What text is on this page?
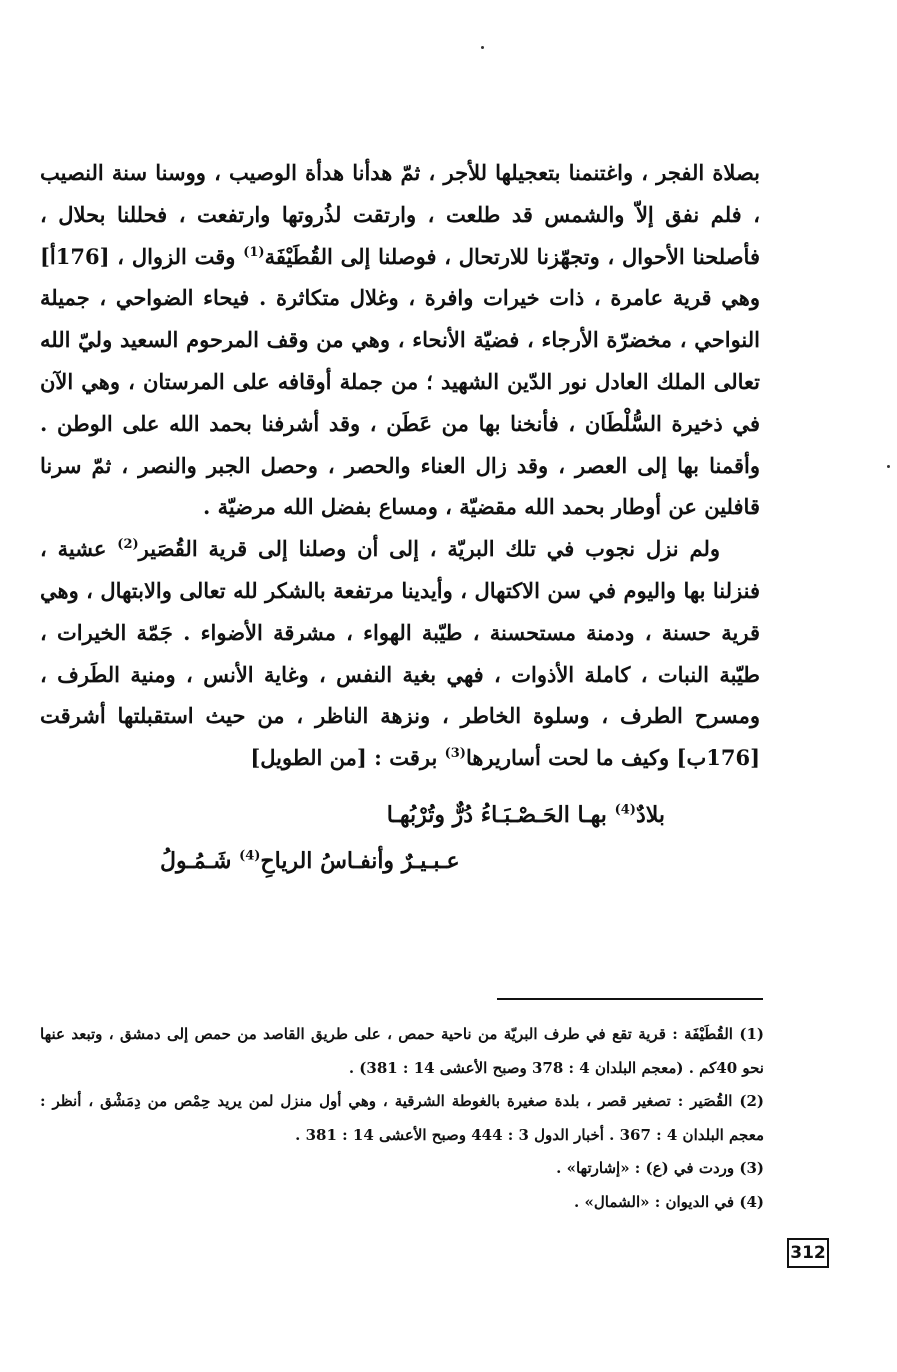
بصلاة الفجر ، واغتنمنا بتعجيلها للأجر ، ثمّ هدأنا هدأة الوصيب ، ووسنا سنة النصيب ، فلم نفق إلاّ والشمس قد طلعت ، وارتقت لذُروتها وارتفعت ، فحللنا بحلال ، فأصلحنا الأحوال ، وتجهّزنا للارتحال ، فوصلنا إلى القُطَيْفَة$^{(1)}$ وقت الزوال ، [176أ] وهي قرية عامرة ، ذات خيرات وافرة ، وغلال متكاثرة . فيحاء الضواحي ، جميلة النواحي ، مخضرّة الأرجاء ، فضيّة الأنحاء ، وهي من وقف المرحوم السعيد وليّ الله تعالى الملك العادل نور الدّين الشهيد ؛ من جملة أوقافه على المرستان ، وهي الآن في ذخيرة السُّلْطَان ، فأنخنا بها من عَطَن ، وقد أشرفنا بحمد الله على الوطن . وأقمنا بها إلى العصر ، وقد زال العناء والحصر ، وحصل الجبر والنصر ، ثمّ سرنا قافلين عن أوطار بحمد الله مقضيّة ، ومساع بفضل الله مرضيّة .

ولم نزل نجوب في تلك البريّة ، إلى أن وصلنا إلى قرية القُصَير$^{(2)}$ عشية ، فنزلنا بها واليوم في سن الاكتهال ، وأيدينا مرتفعة بالشكر لله تعالى والابتهال ، وهي قرية حسنة ، ودمنة مستحسنة ، طيّبة الهواء ، مشرقة الأضواء . جَمّة الخيرات ، طيّبة النبات ، كاملة الأذوات ، فهي بغية النفس ، وغاية الأنس ، ومنية الطَرف ، ومسرح الطرف ، وسلوة الخاطر ، ونزهة الناظر ، من حيث استقبلتها أشرقت [176ب] وكيف ما لحت أساريرها$^{(3)}$ برقت : [من الطويل]

بلادٌ$^{(4)}$ بهـا الحَـصْـبَـاءُ دُرٌّ وتُرْبُهـا
عـبـيـرٌ وأنفـاسُ الرياحِ$^{(4)}$ شَـمُـولُ

(1) القُطَيْفَة : قرية تقع في طرف البريّة من ناحية حمص ، على طريق القاصد من حمص إلى دمشق ، وتبعد عنها نحو 40كم . (معجم البلدان 4 : 378 وصبح الأعشى 14 : 381) .

(2) القُصَير : تصغير قصر ، بلدة صغيرة بالغوطة الشرقية ، وهي أول منزل لمن يريد حِمْص من دِمَشْق ، أنظر : معجم البلدان 4 : 367 . أخبار الدول 3 : 444 وصبح الأعشى 14 : 381 .

(3) وردت في (ع) : «إشارتها» .

(4) في الديوان : «الشمال» .

312
